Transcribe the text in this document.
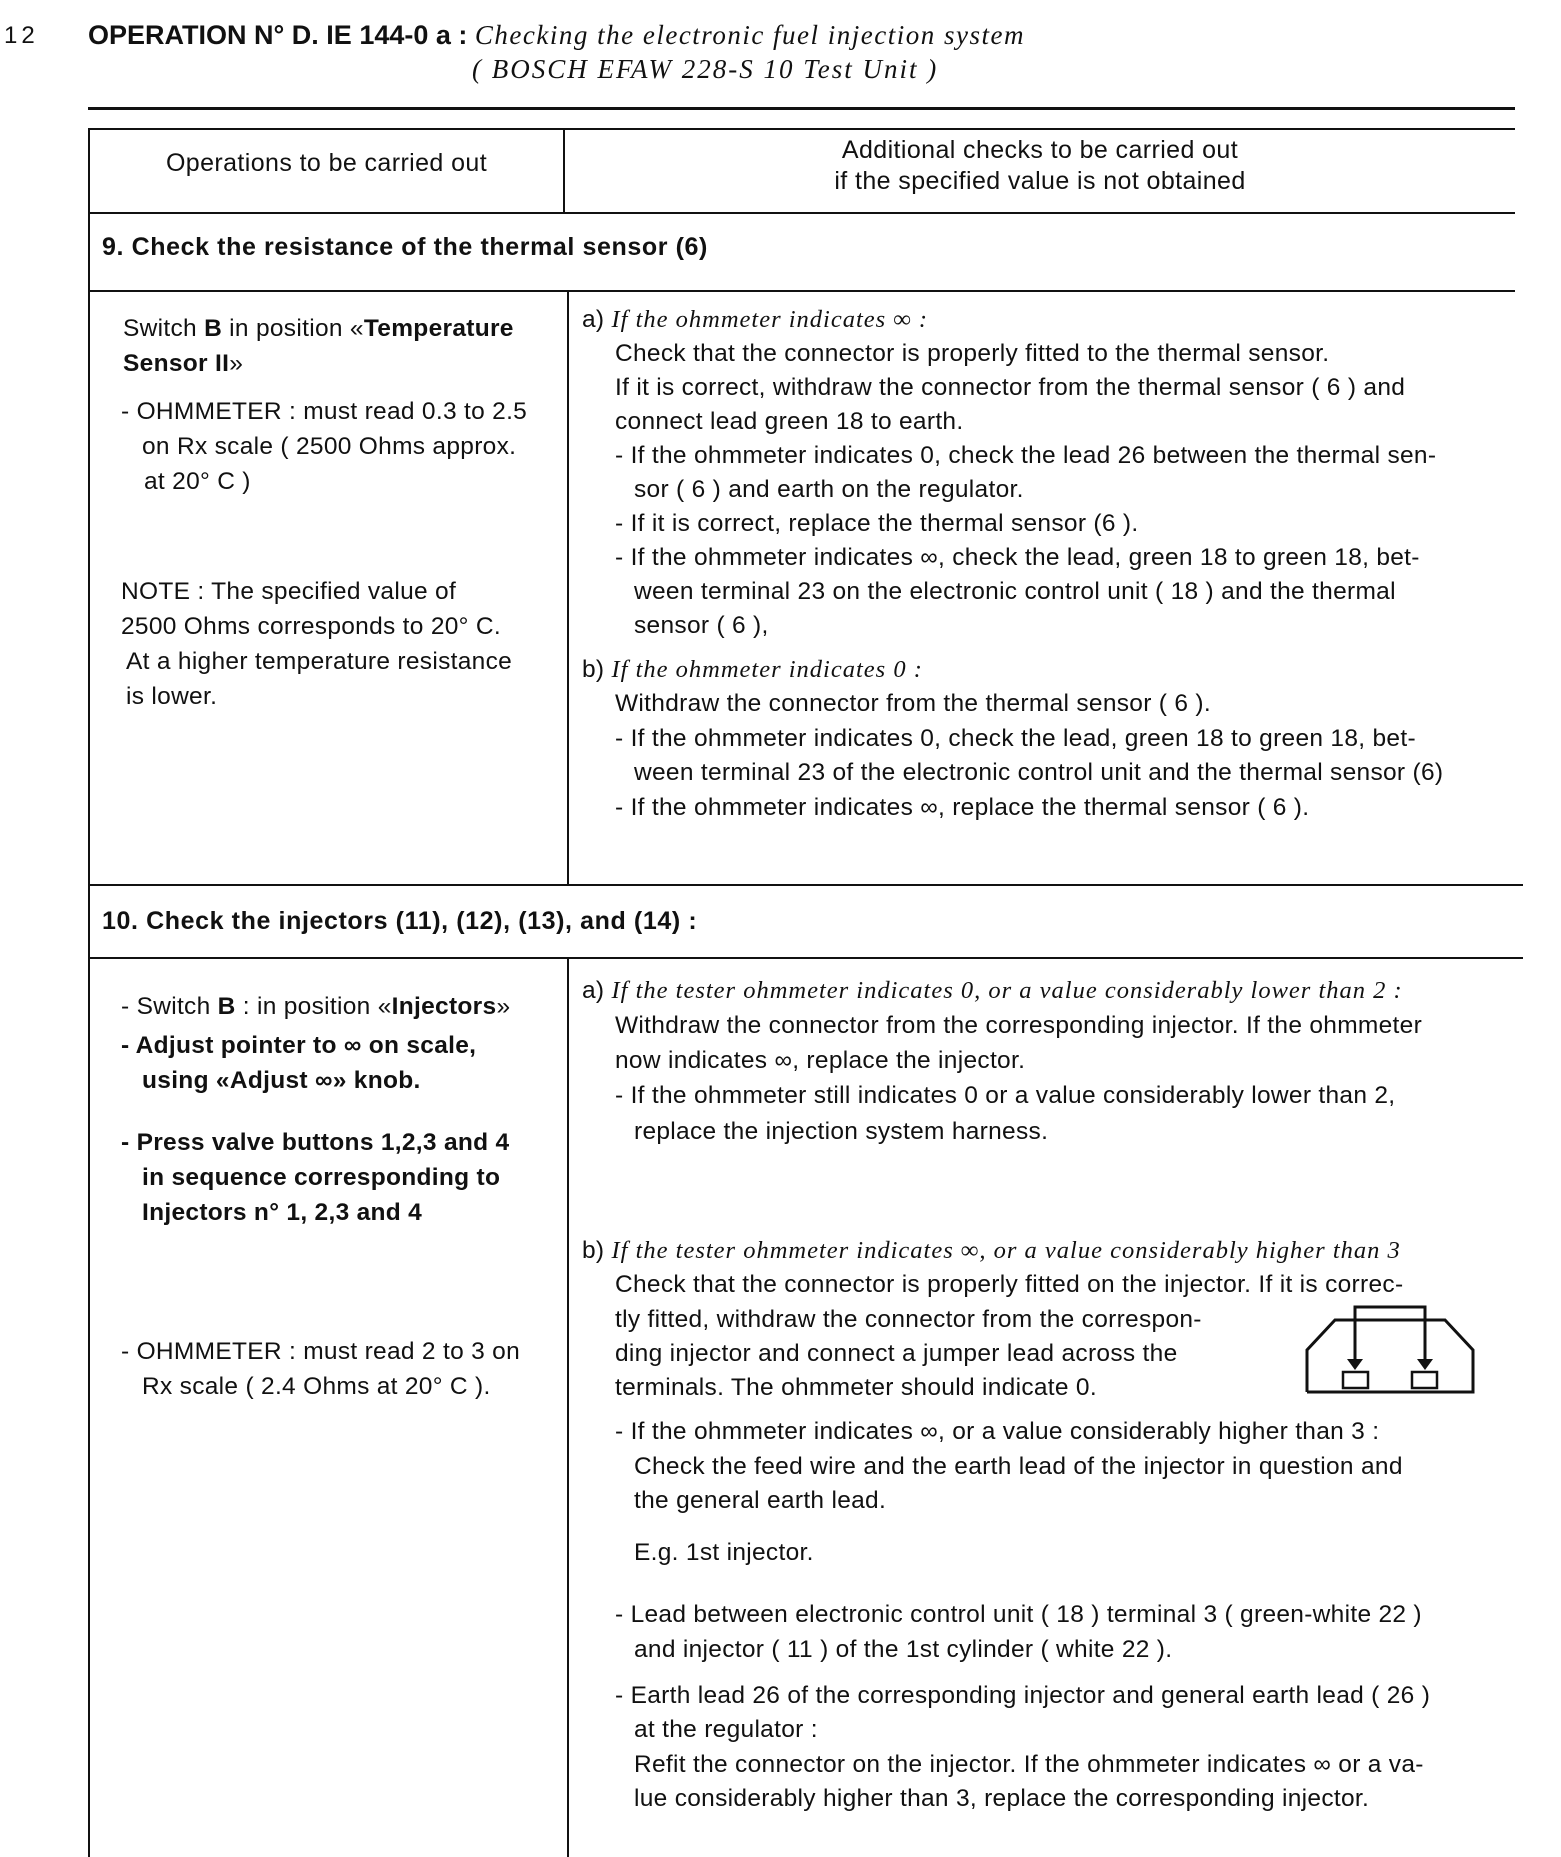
12 OPERATION N° D. IE 144-0 a : Checking the electronic fuel injection system
( BOSCH EFAW 228-S 10 Test Unit )
Operations to be carried out	Additional checks to be carried out
if the specified value is not obtained
9. Check the resistance of the thermal sensor (6)
Switch B in position «Temperature
Sensor II»
- OHMMETER : must read 0.3 to 2.5
on Rx scale ( 2500 Ohms approx.
at 20° C )
NOTE : The specified value of
2500 Ohms corresponds to 20° C.
At a higher temperature resistance
is lower.
a) If the ohmmeter indicates ∞ :
Check that the connector is properly fitted to the thermal sensor.
If it is correct, withdraw the connector from the thermal sensor ( 6 ) and
connect lead green 18 to earth.
- If the ohmmeter indicates 0, check the lead 26 between the thermal sen-
sor ( 6 ) and earth on the regulator.
- If it is correct, replace the thermal sensor (6 ).
- If the ohmmeter indicates ∞, check the lead, green 18 to green 18, bet-
ween terminal 23 on the electronic control unit ( 18 ) and the thermal
sensor ( 6 ),
b) If the ohmmeter indicates 0 :
Withdraw the connector from the thermal sensor ( 6 ).
- If the ohmmeter indicates 0, check the lead, green 18 to green 18, bet-
ween terminal 23 of the electronic control unit and the thermal sensor (6)
- If the ohmmeter indicates ∞, replace the thermal sensor ( 6 ).
10. Check the injectors (11), (12), (13), and (14) :
- Switch B : in position «Injectors»
- Adjust pointer to ∞ on scale,
using «Adjust ∞» knob.
- Press valve buttons 1,2,3 and 4
in sequence corresponding to
Injectors n° 1, 2,3 and 4
- OHMMETER : must read 2 to 3 on
Rx scale ( 2.4 Ohms at 20° C ).
a) If the tester ohmmeter indicates 0, or a value considerably lower than 2 :
Withdraw the connector from the corresponding injector. If the ohmmeter
now indicates ∞, replace the injector.
- If the ohmmeter still indicates 0 or a value considerably lower than 2,
replace the injection system harness.
b) If the tester ohmmeter indicates ∞, or a value considerably higher than 3
Check that the connector is properly fitted on the injector. If it is correc-
tly fitted, withdraw the connector from the correspon-
ding injector and connect a jumper lead across the
terminals. The ohmmeter should indicate 0.
- If the ohmmeter indicates ∞, or a value considerably higher than 3 :
Check the feed wire and the earth lead of the injector in question and
the general earth lead.
E.g. 1st injector.
- Lead between electronic control unit ( 18 ) terminal 3 ( green-white 22 )
and injector ( 11 ) of the 1st cylinder ( white 22 ).
- Earth lead 26 of the corresponding injector and general earth lead ( 26 )
at the regulator :
Refit the connector on the injector. If the ohmmeter indicates ∞ or a va-
lue considerably higher than 3, replace the corresponding injector.
